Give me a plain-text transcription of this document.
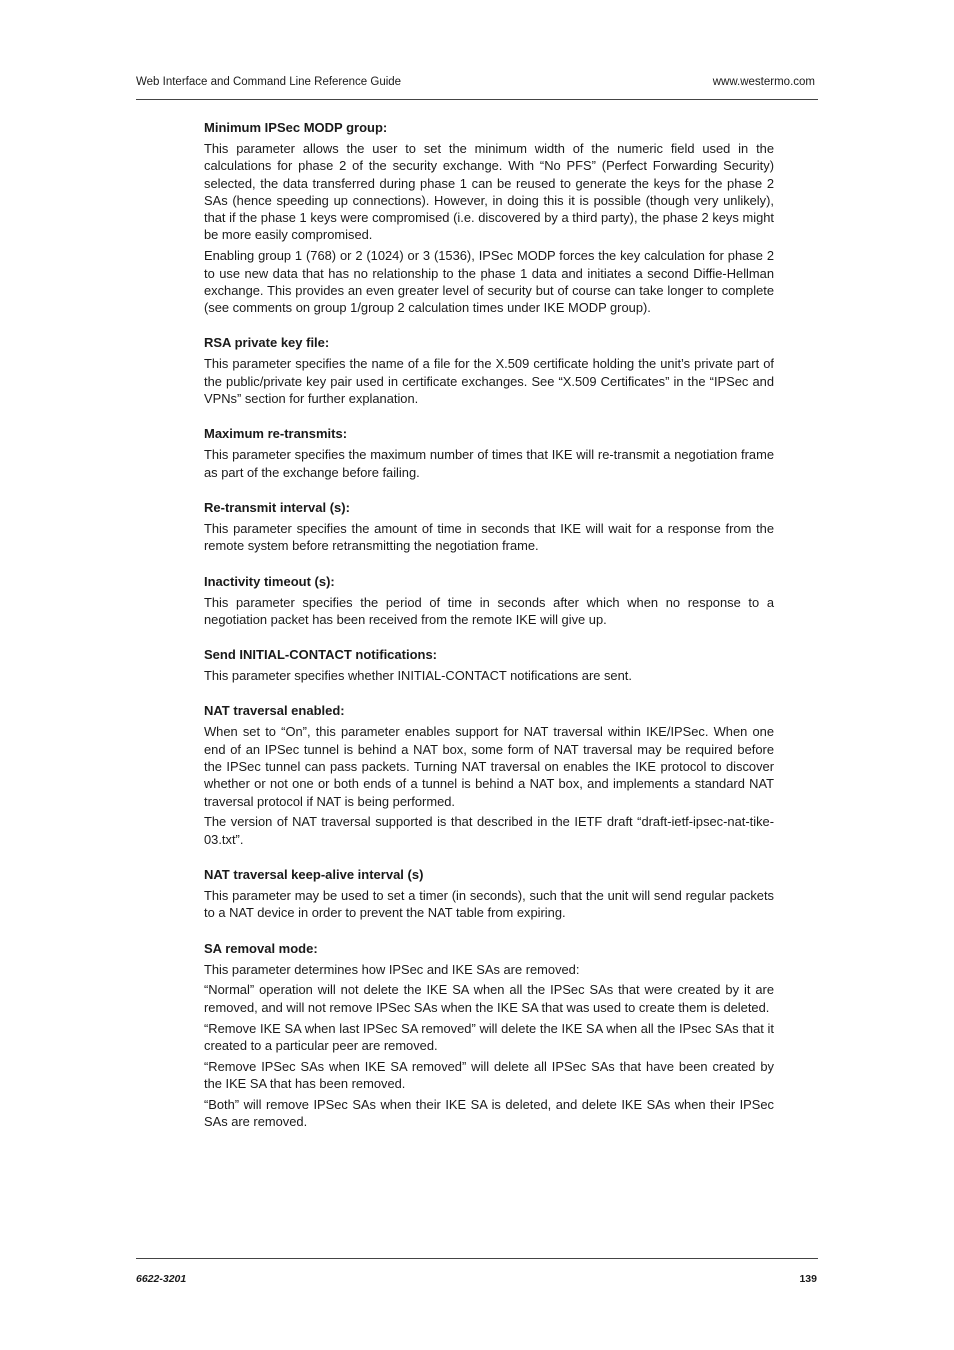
Web Interface and Command Line Reference Guide	www.westermo.com
Minimum IPSec MODP group:
This parameter allows the user to set the minimum width of the numeric field used in the calculations for phase 2 of the security exchange. With “No PFS” (Perfect Forwarding Security) selected, the data transferred during phase 1 can be reused to generate the keys for the phase 2 SAs (hence speeding up connections). However, in doing this it is possible (though very unlikely), that if the phase 1 keys were compromised (i.e. discovered by a third party), the phase 2 keys might be more easily compromised.
Enabling group 1 (768) or 2 (1024) or 3 (1536), IPSec MODP forces the key calculation for phase 2 to use new data that has no relationship to the phase 1 data and initiates a second Diffie-Hellman exchange. This provides an even greater level of security but of course can take longer to complete (see comments on group 1/group 2 calculation times under IKE MODP group).
RSA private key file:
This parameter specifies the name of a file for the X.509 certificate holding the unit’s private part of the public/private key pair used in certificate exchanges. See “X.509 Certificates” in the “IPSec and VPNs” section for further explanation.
Maximum re-transmits:
This parameter specifies the maximum number of times that IKE will re-transmit a negotiation frame as part of the exchange before failing.
Re-transmit interval (s):
This parameter specifies the amount of time in seconds that IKE will wait for a response from the remote system before retransmitting the negotiation frame.
Inactivity timeout (s):
This parameter specifies the period of time in seconds after which when no response to a negotiation packet has been received from the remote IKE will give up.
Send INITIAL-CONTACT notifications:
This parameter specifies whether INITIAL-CONTACT notifications are sent.
NAT traversal enabled:
When set to “On”, this parameter enables support for NAT traversal within IKE/IPSec. When one end of an IPSec tunnel is behind a NAT box, some form of NAT traversal may be required before the IPSec tunnel can pass packets. Turning NAT traversal on enables the IKE protocol to discover whether or not one or both ends of a tunnel is behind a NAT box, and implements a standard NAT traversal protocol if NAT is being performed.
The version of NAT traversal supported is that described in the IETF draft “draft-ietf-ipsec-nat-tike-03.txt”.
NAT traversal keep-alive interval (s)
This parameter may be used to set a timer (in seconds), such that the unit will send regular packets to a NAT device in order to prevent the NAT table from expiring.
SA removal mode:
This parameter determines how IPSec and IKE SAs are removed:
“Normal” operation will not delete the IKE SA when all the IPSec SAs that were created by it are removed, and will not remove IPSec SAs when the IKE SA that was used to create them is deleted.
“Remove IKE SA when last IPSec SA removed” will delete the IKE SA when all the IPsec SAs that it created to a particular peer are removed.
“Remove IPSec SAs when IKE SA removed” will delete all IPSec SAs that have been created by the IKE SA that has been removed.
“Both” will remove IPSec SAs when their IKE SA is deleted, and delete IKE SAs when their IPSec SAs are removed.
6622-3201	139
